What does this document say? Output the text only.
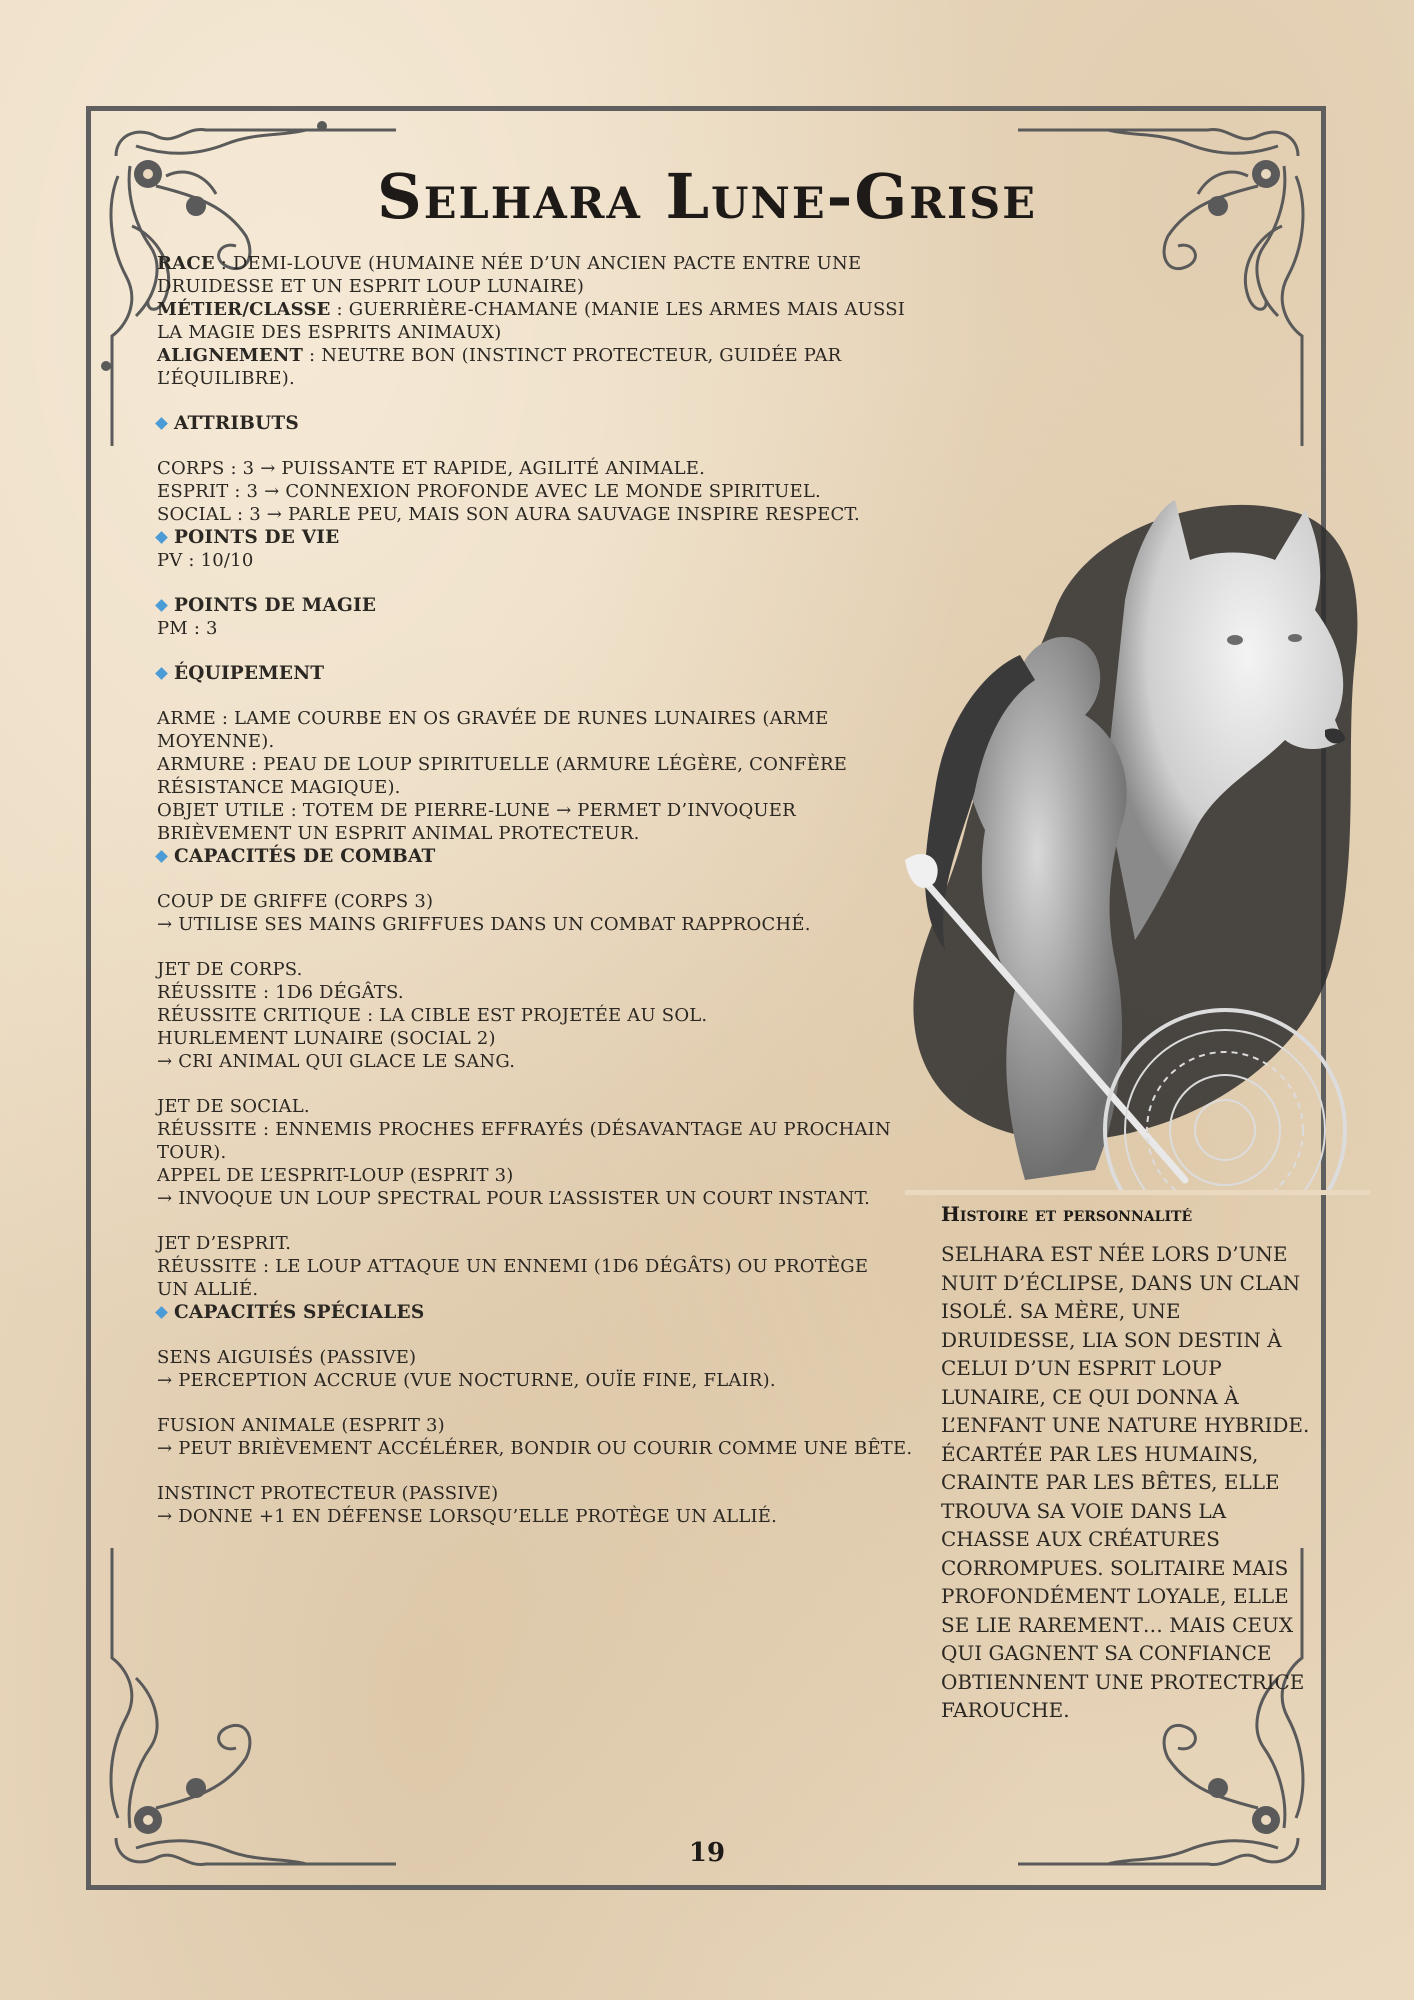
Selhara Lune-Grise

RACE : DEMI-LOUVE (HUMAINE NÉE D’UN ANCIEN PACTE ENTRE UNE DRUIDESSE ET UN ESPRIT LOUP LUNAIRE)

MÉTIER/CLASSE : GUERRIÈRE-CHAMANE (MANIE LES ARMES MAIS AUSSI LA MAGIE DES ESPRITS ANIMAUX)

ALIGNEMENT : NEUTRE BON (INSTINCT PROTECTEUR, GUIDÉE PAR L’ÉQUILIBRE).

ATTRIBUTS

CORPS : 3 → PUISSANTE ET RAPIDE, AGILITÉ ANIMALE.

ESPRIT : 3 → CONNEXION PROFONDE AVEC LE MONDE SPIRITUEL.

SOCIAL : 3 → PARLE PEU, MAIS SON AURA SAUVAGE INSPIRE RESPECT.

POINTS DE VIE

PV : 10/10

POINTS DE MAGIE

PM : 3

ÉQUIPEMENT

ARME : LAME COURBE EN OS GRAVÉE DE RUNES LUNAIRES (ARME MOYENNE).

ARMURE : PEAU DE LOUP SPIRITUELLE (ARMURE LÉGÈRE, CONFÈRE RÉSISTANCE MAGIQUE).

OBJET UTILE : TOTEM DE PIERRE-LUNE → PERMET D’INVOQUER BRIÈVEMENT UN ESPRIT ANIMAL PROTECTEUR.

CAPACITÉS DE COMBAT

COUP DE GRIFFE (CORPS 3)

→ UTILISE SES MAINS GRIFFUES DANS UN COMBAT RAPPROCHÉ.

JET DE CORPS.

RÉUSSITE : 1D6 DÉGÂTS.

RÉUSSITE CRITIQUE : LA CIBLE EST PROJETÉE AU SOL.

HURLEMENT LUNAIRE (SOCIAL 2)

→ CRI ANIMAL QUI GLACE LE SANG.

JET DE SOCIAL.

RÉUSSITE : ENNEMIS PROCHES EFFRAYÉS (DÉSAVANTAGE AU PROCHAIN TOUR).

APPEL DE L’ESPRIT-LOUP (ESPRIT 3)

→ INVOQUE UN LOUP SPECTRAL POUR L’ASSISTER UN COURT INSTANT.

JET D’ESPRIT.

RÉUSSITE : LE LOUP ATTAQUE UN ENNEMI (1D6 DÉGÂTS) OU PROTÈGE UN ALLIÉ.

CAPACITÉS SPÉCIALES

SENS AIGUISÉS (PASSIVE)

→ PERCEPTION ACCRUE (VUE NOCTURNE, OUÏE FINE, FLAIR).

FUSION ANIMALE (ESPRIT 3)

→ PEUT BRIÈVEMENT ACCÉLÉRER, BONDIR OU COURIR COMME UNE BÊTE.

INSTINCT PROTECTEUR (PASSIVE)

→ DONNE +1 EN DÉFENSE LORSQU’ELLE PROTÈGE UN ALLIÉ.

Histoire et personnalité

SELHARA EST NÉE LORS D’UNE NUIT D’ÉCLIPSE, DANS UN CLAN ISOLÉ. SA MÈRE, UNE DRUIDESSE, LIA SON DESTIN À CELUI D’UN ESPRIT LOUP LUNAIRE, CE QUI DONNA À L’ENFANT UNE NATURE HYBRIDE. ÉCARTÉE PAR LES HUMAINS, CRAINTE PAR LES BÊTES, ELLE TROUVA SA VOIE DANS LA CHASSE AUX CRÉATURES CORROMPUES. SOLITAIRE MAIS PROFONDÉMENT LOYALE, ELLE SE LIE RAREMENT… MAIS CEUX QUI GAGNENT SA CONFIANCE OBTIENNENT UNE PROTECTRICE FAROUCHE.

19
